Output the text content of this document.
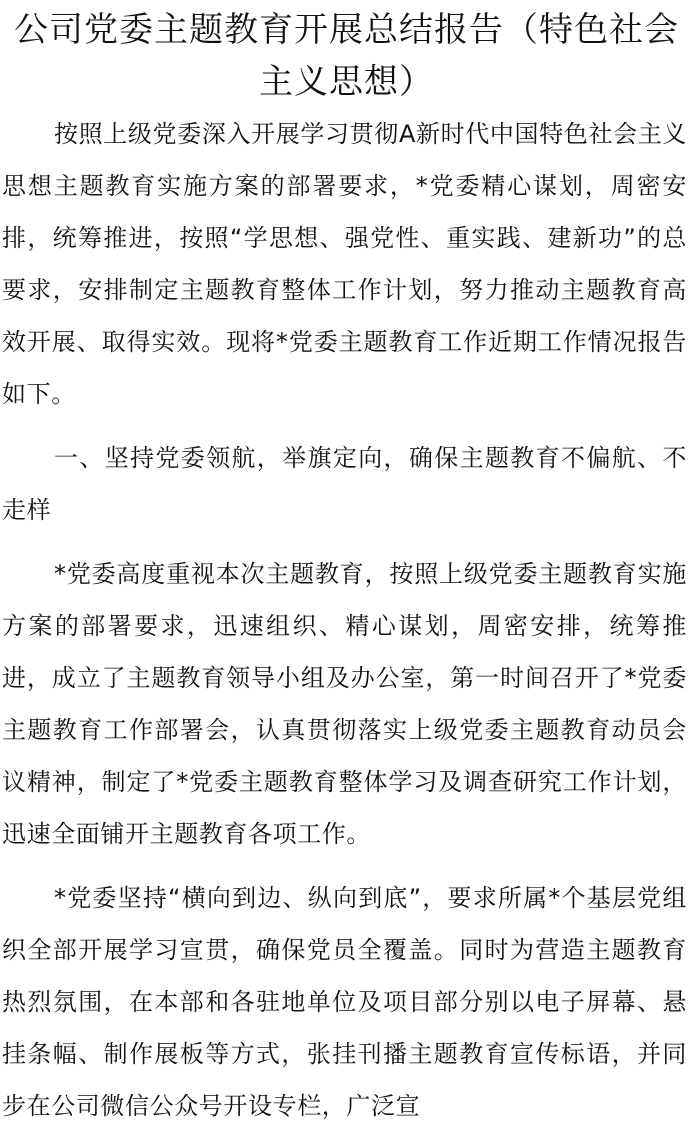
公司党委主题教育开展总结报告（特色社会主义思想）

按照上级党委深入开展学习贯彻A新时代中国特色社会主义思想主题教育实施方案的部署要求，*党委精心谋划，周密安排，统筹推进，按照“学思想、强党性、重实践、建新功”的总要求，安排制定主题教育整体工作计划，努力推动主题教育高效开展、取得实效。现将*党委主题教育工作近期工作情况报告如下。

一、坚持党委领航，举旗定向，确保主题教育不偏航、不走样

*党委高度重视本次主题教育，按照上级党委主题教育实施方案的部署要求，迅速组织、精心谋划，周密安排，统筹推进，成立了主题教育领导小组及办公室，第一时间召开了*党委主题教育工作部署会，认真贯彻落实上级党委主题教育动员会议精神，制定了*党委主题教育整体学习及调查研究工作计划，迅速全面铺开主题教育各项工作。

*党委坚持“横向到边、纵向到底”，要求所属*个基层党组织全部开展学习宣贯，确保党员全覆盖。同时为营造主题教育热烈氛围，在本部和各驻地单位及项目部分别以电子屏幕、悬挂条幅、制作展板等方式，张挂刊播主题教育宣传标语，并同步在公司微信公众号开设专栏，广泛宣
